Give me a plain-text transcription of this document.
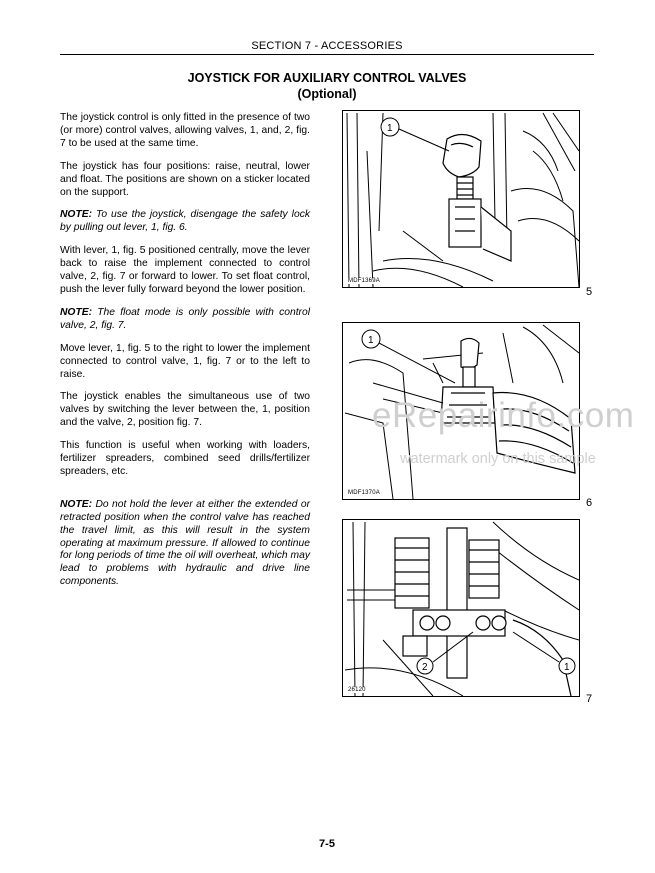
SECTION 7 - ACCESSORIES
JOYSTICK FOR AUXILIARY CONTROL VALVES
(Optional)

The joystick control is only fitted in the presence of two (or more) control valves, allowing valves, 1, and, 2, fig. 7 to be used at the same time.

The joystick has four positions: raise, neutral, lower and float. The positions are shown on a sticker located on the support.

NOTE: To use the joystick, disengage the safety lock by pulling out lever, 1, fig. 6.

With lever, 1, fig. 5 positioned centrally, move the lever back to raise the implement connected to control valve, 2, fig. 7 or forward to lower. To set float control, push the lever fully forward beyond the lower position.

NOTE: The float mode is only possible with control valve, 2, fig. 7.

Move lever, 1, fig. 5 to the right to lower the implement connected to control valve, 1, fig. 7 or to the left to raise.

The joystick enables the simultaneous use of two valves by switching the lever between the, 1, position and the valve, 2, position fig. 7.

This function is useful when working with loaders, fertilizer spreaders, combined seed drills/fertilizer spreaders, etc.

NOTE: Do not hold the lever at either the extended or retracted position when the control valve has reached the travel limit, as this will result in the system operating at maximum pressure. If allowed to continue for long periods of time the oil will overheat, which may lead to problems with hydraulic and drive line components.

1
MDF1369A
5
1
MDF1370A
6
2	1
26120
7
eRepairinfo.com
watermark only on this sample
7-5
